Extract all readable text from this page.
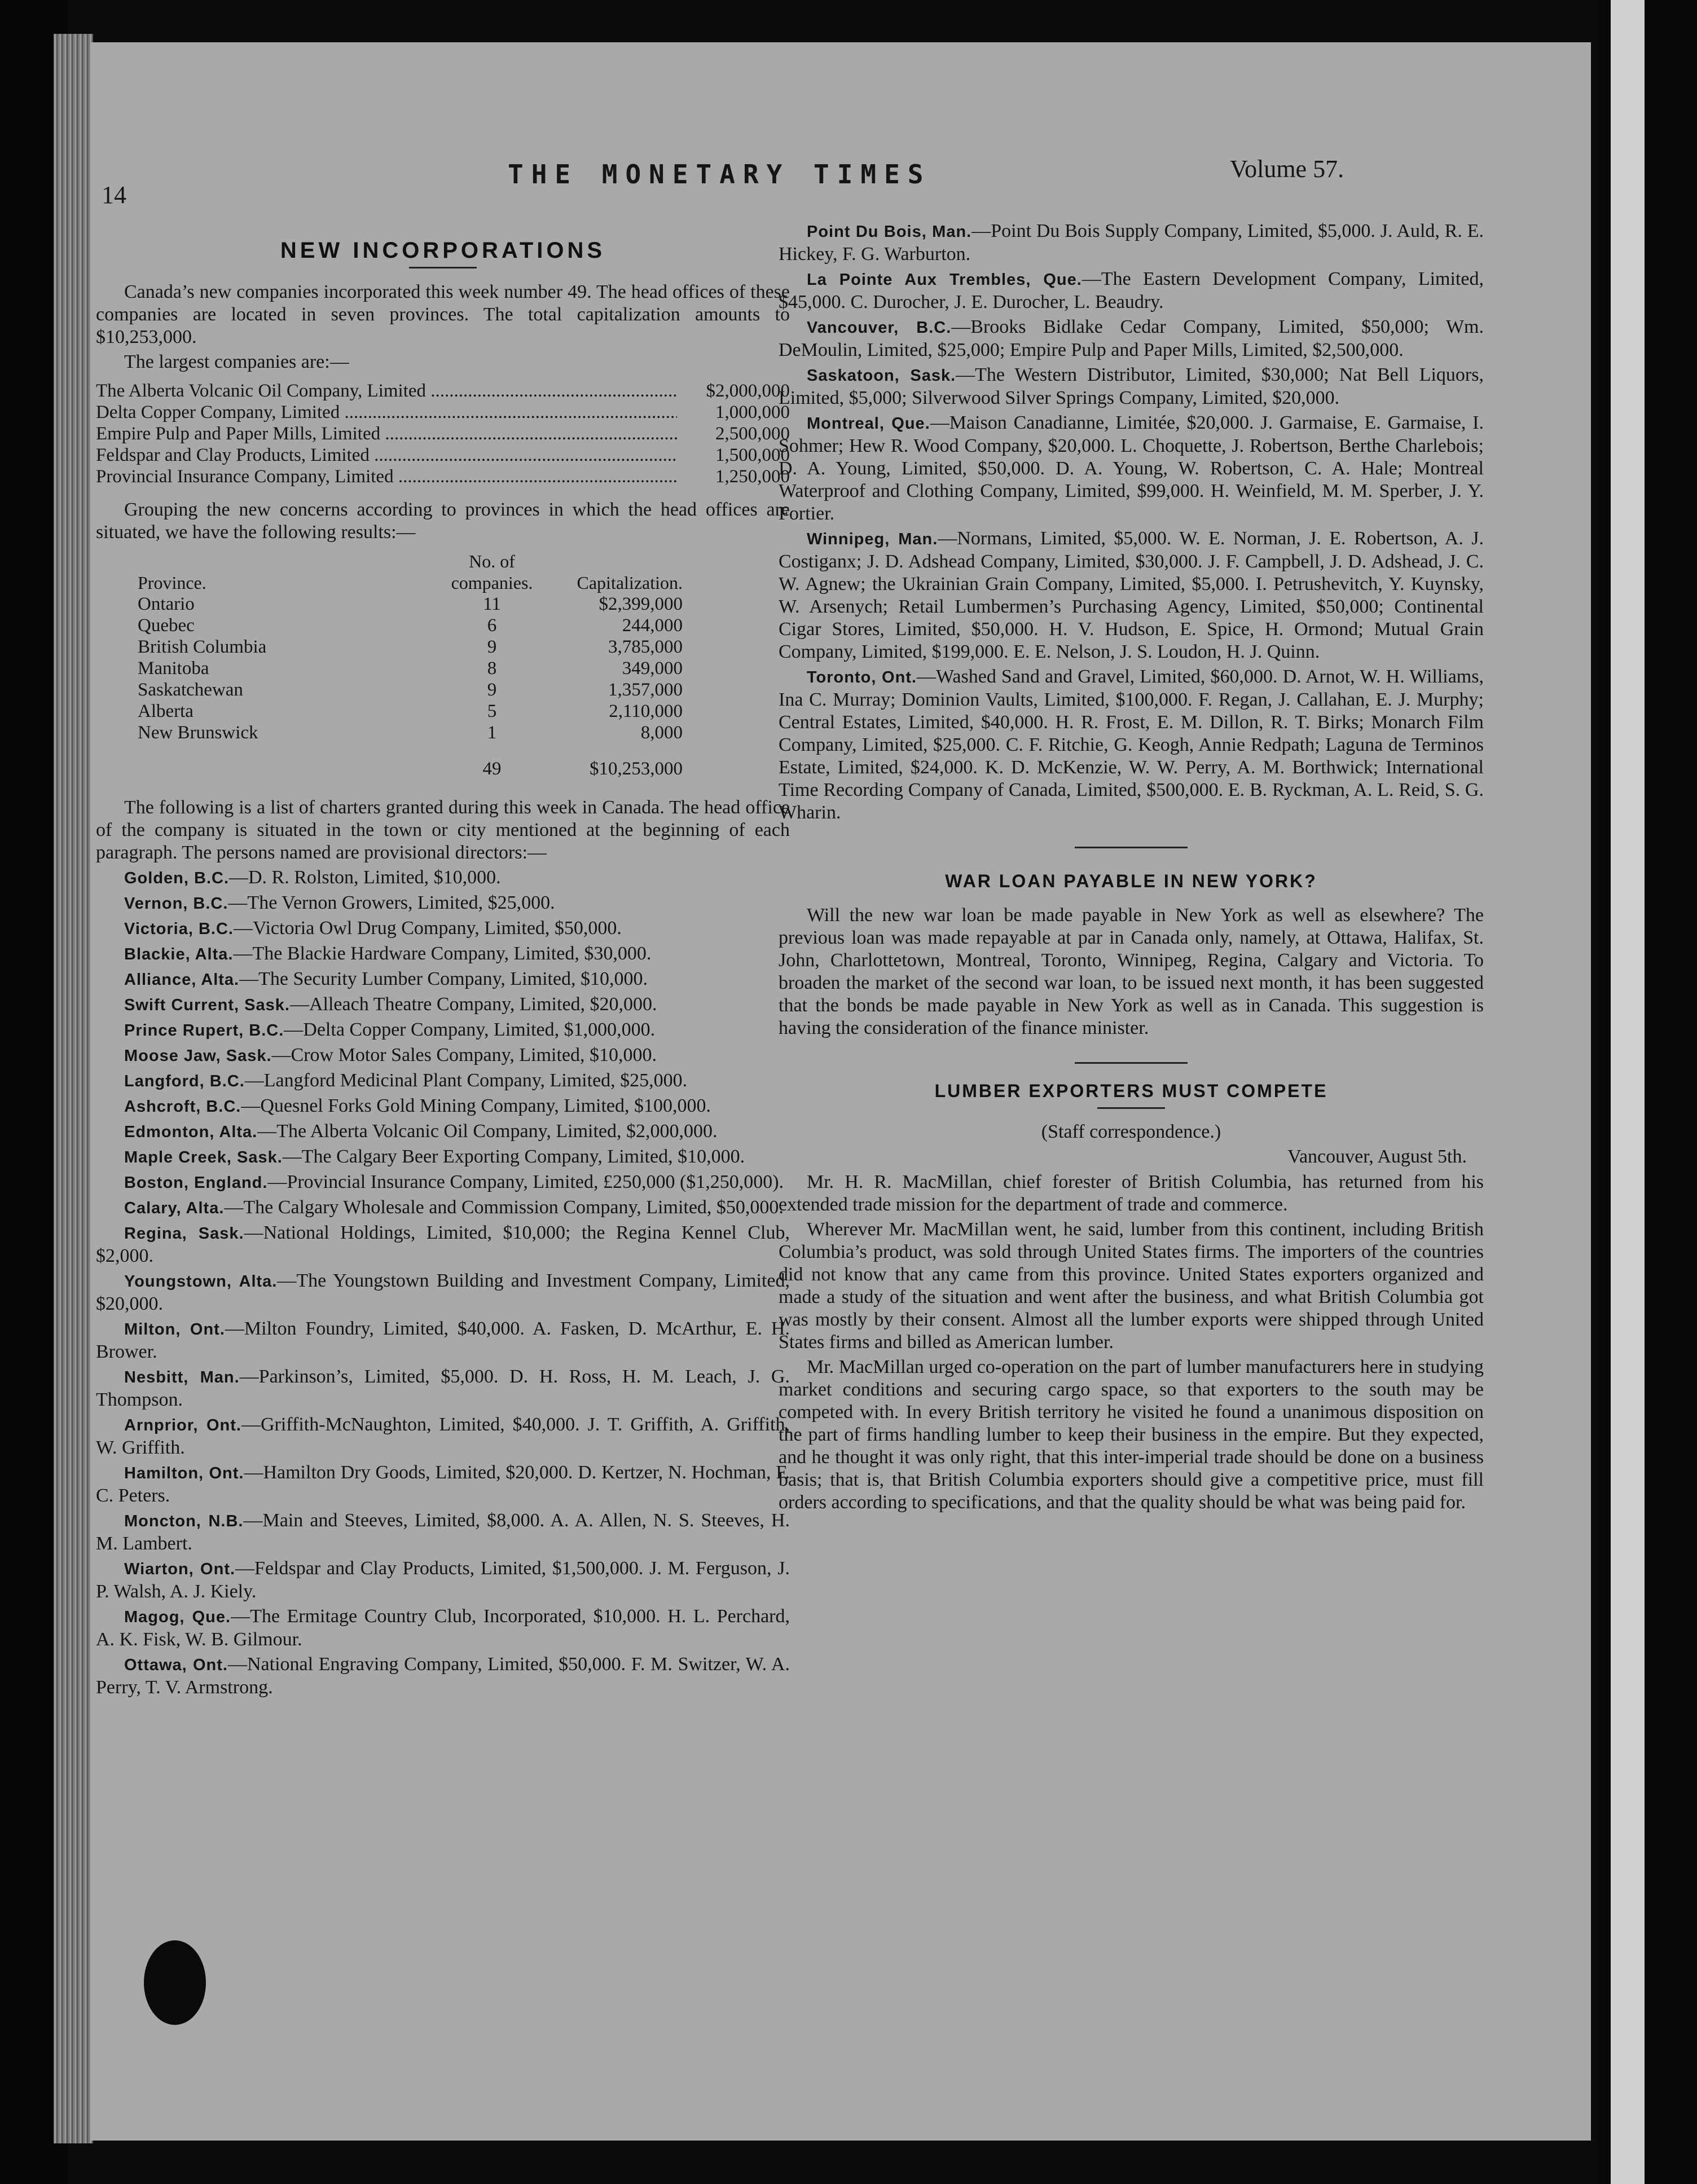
14
THE MONETARY TIMES	Volume 57.
NEW INCORPORATIONS

Canada’s new companies incorporated this week number 49. The head offices of these companies are located in seven provinces. The total capitalization amounts to $10,253,000.

The largest companies are:—

The Alberta Volcanic Oil Company, Limited .....	$2,000,000
Delta Copper Company, Limited .....	1,000,000
Empire Pulp and Paper Mills, Limited .....	2,500,000
Feldspar and Clay Products, Limited .....	1,500,000
Provincial Insurance Company, Limited .....	1,250,000

Grouping the new concerns according to provinces in which the head offices are situated, we have the following results:—

Province.	No. of companies.	Capitalization.
Ontario	11	$2,399,000
Quebec	6	244,000
British Columbia	9	3,785,000
Manitoba	8	349,000
Saskatchewan	9	1,357,000
Alberta	5	2,110,000
New Brunswick	1	8,000
	49	$10,253,000

The following is a list of charters granted during this week in Canada. The head office of the company is situated in the town or city mentioned at the beginning of each paragraph. The persons named are provisional directors:—

Golden, B.C.—D. R. Rolston, Limited, $10,000.

Vernon, B.C.—The Vernon Growers, Limited, $25,000.

Victoria, B.C.—Victoria Owl Drug Company, Limited, $50,000.

Blackie, Alta.—The Blackie Hardware Company, Limited, $30,000.

Alliance, Alta.—The Security Lumber Company, Limited, $10,000.

Swift Current, Sask.—Alleach Theatre Company, Limited, $20,000.

Prince Rupert, B.C.—Delta Copper Company, Limited, $1,000,000.

Moose Jaw, Sask.—Crow Motor Sales Company, Limited, $10,000.

Langford, B.C.—Langford Medicinal Plant Company, Limited, $25,000.

Ashcroft, B.C.—Quesnel Forks Gold Mining Company, Limited, $100,000.

Edmonton, Alta.—The Alberta Volcanic Oil Company, Limited, $2,000,000.

Maple Creek, Sask.—The Calgary Beer Exporting Company, Limited, $10,000.

Boston, England.—Provincial Insurance Company, Limited, £250,000 ($1,250,000).

Calary, Alta.—The Calgary Wholesale and Commission Company, Limited, $50,000.

Regina, Sask.—National Holdings, Limited, $10,000; the Regina Kennel Club, $2,000.

Youngstown, Alta.—The Youngstown Building and Investment Company, Limited, $20,000.

Milton, Ont.—Milton Foundry, Limited, $40,000. A. Fasken, D. McArthur, E. H. Brower.

Nesbitt, Man.—Parkinson’s, Limited, $5,000. D. H. Ross, H. M. Leach, J. G. Thompson.

Arnprior, Ont.—Griffith-McNaughton, Limited, $40,000. J. T. Griffith, A. Griffith, W. Griffith.

Hamilton, Ont.—Hamilton Dry Goods, Limited, $20,000. D. Kertzer, N. Hochman, F. C. Peters.

Moncton, N.B.—Main and Steeves, Limited, $8,000. A. A. Allen, N. S. Steeves, H. M. Lambert.

Wiarton, Ont.—Feldspar and Clay Products, Limited, $1,500,000. J. M. Ferguson, J. P. Walsh, A. J. Kiely.

Magog, Que.—The Ermitage Country Club, Incorporated, $10,000. H. L. Perchard, A. K. Fisk, W. B. Gilmour.

Ottawa, Ont.—National Engraving Company, Limited, $50,000. F. M. Switzer, W. A. Perry, T. V. Armstrong.

Point Du Bois, Man.—Point Du Bois Supply Company, Limited, $5,000. J. Auld, R. E. Hickey, F. G. Warburton.

La Pointe Aux Trembles, Que.—The Eastern Development Company, Limited, $45,000. C. Durocher, J. E. Durocher, L. Beaudry.

Vancouver, B.C.—Brooks Bidlake Cedar Company, Limited, $50,000; Wm. DeMoulin, Limited, $25,000; Empire Pulp and Paper Mills, Limited, $2,500,000.

Saskatoon, Sask.—The Western Distributor, Limited, $30,000; Nat Bell Liquors, Limited, $5,000; Silverwood Silver Springs Company, Limited, $20,000.

Montreal, Que.—Maison Canadianne, Limitée, $20,000. J. Garmaise, E. Garmaise, I. Sohmer; Hew R. Wood Company, $20,000. L. Choquette, J. Robertson, Berthe Charlebois; D. A. Young, Limited, $50,000. D. A. Young, W. Robertson, C. A. Hale; Montreal Waterproof and Clothing Company, Limited, $99,000. H. Weinfield, M. M. Sperber, J. Y. Fortier.

Winnipeg, Man.—Normans, Limited, $5,000. W. E. Norman, J. E. Robertson, A. J. Costiganx; J. D. Adshead Company, Limited, $30,000. J. F. Campbell, J. D. Adshead, J. C. W. Agnew; the Ukrainian Grain Company, Limited, $5,000. I. Petrushevitch, Y. Kuynsky, W. Arsenych; Retail Lumbermen’s Purchasing Agency, Limited, $50,000; Continental Cigar Stores, Limited, $50,000. H. V. Hudson, E. Spice, H. Ormond; Mutual Grain Company, Limited, $199,000. E. E. Nelson, J. S. Loudon, H. J. Quinn.

Toronto, Ont.—Washed Sand and Gravel, Limited, $60,000. D. Arnot, W. H. Williams, Ina C. Murray; Dominion Vaults, Limited, $100,000. F. Regan, J. Callahan, E. J. Murphy; Central Estates, Limited, $40,000. H. R. Frost, E. M. Dillon, R. T. Birks; Monarch Film Company, Limited, $25,000. C. F. Ritchie, G. Keogh, Annie Redpath; Laguna de Terminos Estate, Limited, $24,000. K. D. McKenzie, W. W. Perry, A. M. Borthwick; International Time Recording Company of Canada, Limited, $500,000. E. B. Ryckman, A. L. Reid, S. G. Wharin.

WAR LOAN PAYABLE IN NEW YORK?

Will the new war loan be made payable in New York as well as elsewhere? The previous loan was made repayable at par in Canada only, namely, at Ottawa, Halifax, St. John, Charlottetown, Montreal, Toronto, Winnipeg, Regina, Calgary and Victoria. To broaden the market of the second war loan, to be issued next month, it has been suggested that the bonds be made payable in New York as well as in Canada. This suggestion is having the consideration of the finance minister.

LUMBER EXPORTERS MUST COMPETE
(Staff correspondence.)
Vancouver, August 5th.

Mr. H. R. MacMillan, chief forester of British Columbia, has returned from his extended trade mission for the department of trade and commerce.

Wherever Mr. MacMillan went, he said, lumber from this continent, including British Columbia’s product, was sold through United States firms. The importers of the countries did not know that any came from this province. United States exporters organized and made a study of the situation and went after the business, and what British Columbia got was mostly by their consent. Almost all the lumber exports were shipped through United States firms and billed as American lumber.

Mr. MacMillan urged co-operation on the part of lumber manufacturers here in studying market conditions and securing cargo space, so that exporters to the south may be competed with. In every British territory he visited he found a unanimous disposition on the part of firms handling lumber to keep their business in the empire. But they expected, and he thought it was only right, that this inter-imperial trade should be done on a business basis; that is, that British Columbia exporters should give a competitive price, must fill orders according to specifications, and that the quality should be what was being paid for.
